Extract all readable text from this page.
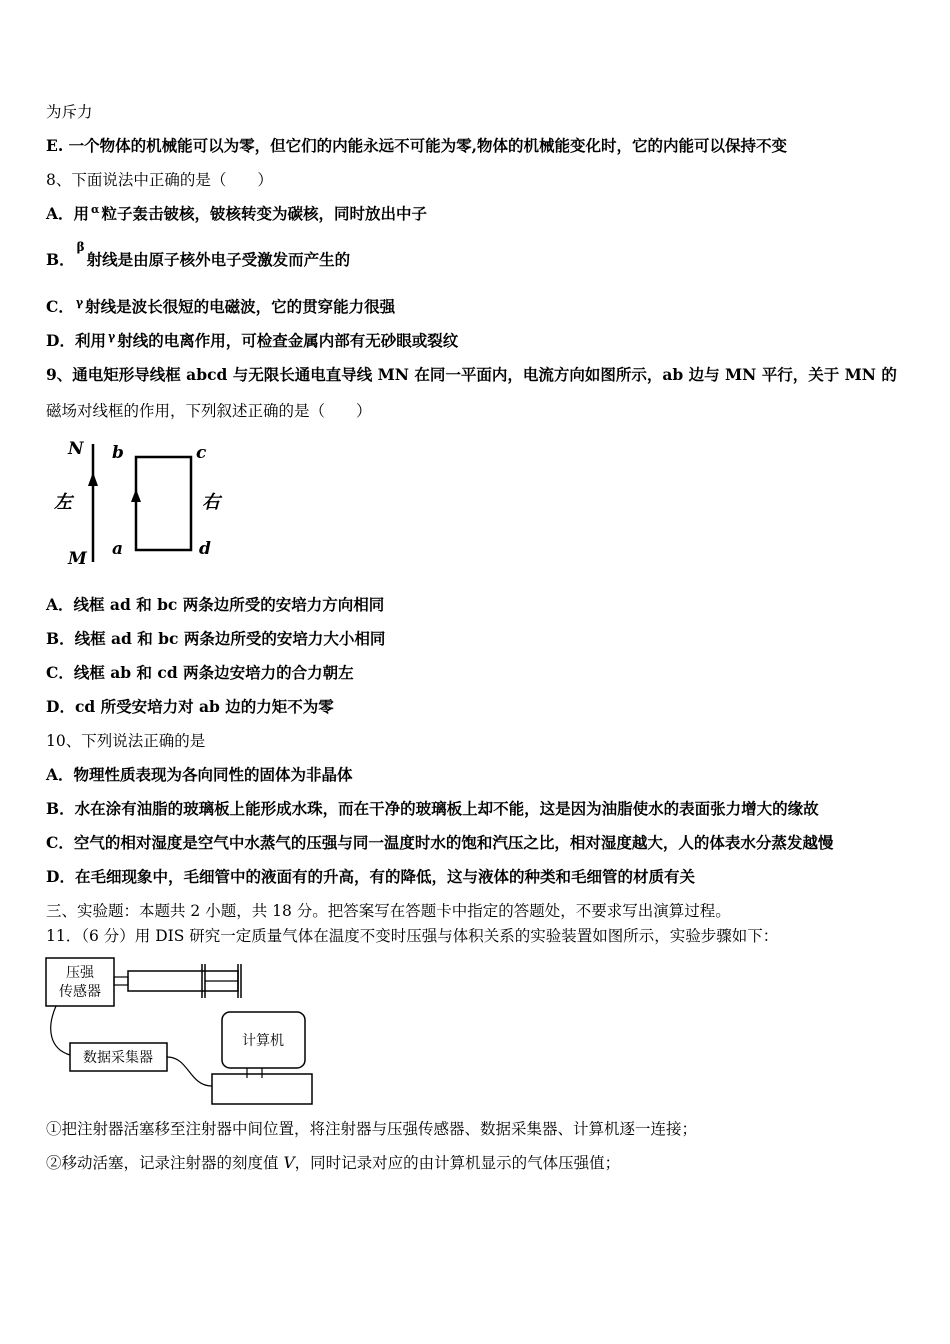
为斥力
E. 一个物体的机械能可以为零，但它们的内能永远不可能为零,物体的机械能变化时，它的内能可以保持不变
8、下面说法中正确的是（　　）
A．用 $^\alpha$ 粒子轰击铍核，铍核转变为碳核，同时放出中子
B．$^\beta$射线是由原子核外电子受激发而产生的
C． $^\gamma$ 射线是波长很短的电磁波，它的贯穿能力很强
D．利用 $^\gamma$ 射线的电离作用，可检查金属内部有无砂眼或裂纹
9、通电矩形导线框 abcd 与无限长通电直导线 MN 在同一平面内，电流方向如图所示，ab 边与 MN 平行，关于 MN 的
磁场对线框的作用，下列叙述正确的是（　　）
N
M
左	右
b	c
a	d
A．线框 ad 和 bc 两条边所受的安培力方向相同
B．线框 ad 和 bc 两条边所受的安培力大小相同
C．线框 ab 和 cd 两条边安培力的合力朝左
D．cd 所受安培力对 ab 边的力矩不为零
10、下列说法正确的是
A．物理性质表现为各向同性的固体为非晶体
B．水在涂有油脂的玻璃板上能形成水珠，而在干净的玻璃板上却不能，这是因为油脂使水的表面张力增大的缘故
C．空气的相对湿度是空气中水蒸气的压强与同一温度时水的饱和汽压之比，相对湿度越大，人的体表水分蒸发越慢
D．在毛细现象中，毛细管中的液面有的升高，有的降低，这与液体的种类和毛细管的材质有关
三、实验题：本题共 2 小题，共 18 分。把答案写在答题卡中指定的答题处，不要求写出演算过程。
11．（6 分）用 DIS 研究一定质量气体在温度不变时压强与体积关系的实验装置如图所示，实验步骤如下：
压强
传感器
数据采集器
计算机
①把注射器活塞移至注射器中间位置，将注射器与压强传感器、数据采集器、计算机逐一连接；
②移动活塞，记录注射器的刻度值 V，同时记录对应的由计算机显示的气体压强值；
